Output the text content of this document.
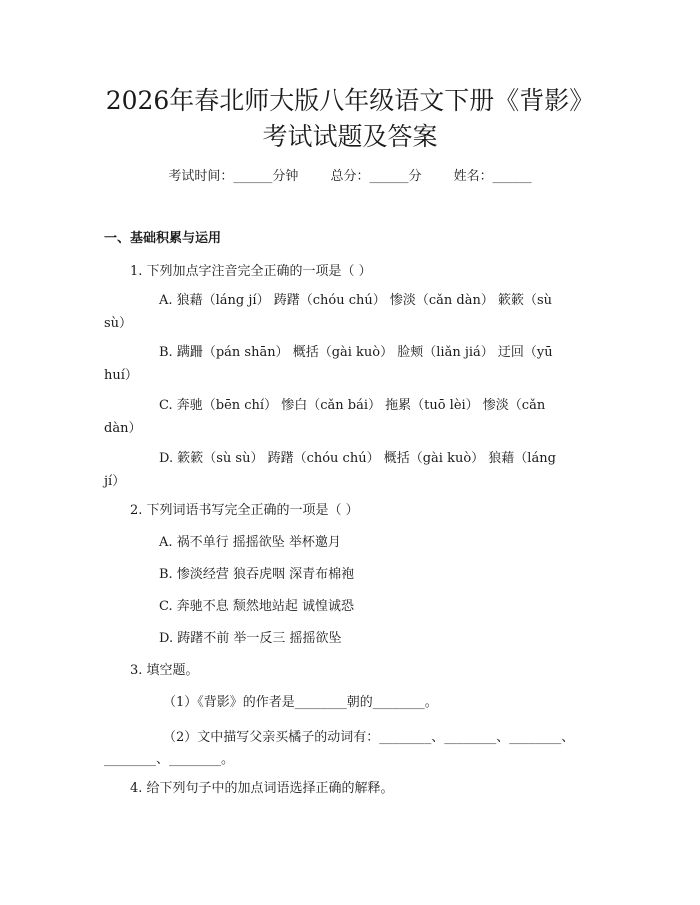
2026年春北师大版八年级语文下册《背影》
考试试题及答案
考试时间：______分钟 总分：______分 姓名：______
一、基础积累与运用
1. 下列加点字注音完全正确的一项是（ ）
A. 狼藉（láng jí） 踌躇（chóu chú） 惨淡（cǎn dàn） 簌簌（sù
sù）
B. 蹒跚（pán shān） 概括（gài kuò） 脸颊（liǎn jiá） 迂回（yū
huí）
C. 奔驰（bēn chí） 惨白（cǎn bái） 拖累（tuō lèi） 惨淡（cǎn
dàn）
D. 簌簌（sù sù） 踌躇（chóu chú） 概括（gài kuò） 狼藉（láng
jí）
2. 下列词语书写完全正确的一项是（ ）
A. 祸不单行 摇摇欲坠 举杯邀月
B. 惨淡经营 狼吞虎咽 深青布棉袍
C. 奔驰不息 颓然地站起 诚惶诚恐
D. 踌躇不前 举一反三 摇摇欲坠
3. 填空题。
（1）《背影》的作者是________朝的________。
（2）文中描写父亲买橘子的动词有：________、________、________、
________、________。
4. 给下列句子中的加点词语选择正确的解释。
